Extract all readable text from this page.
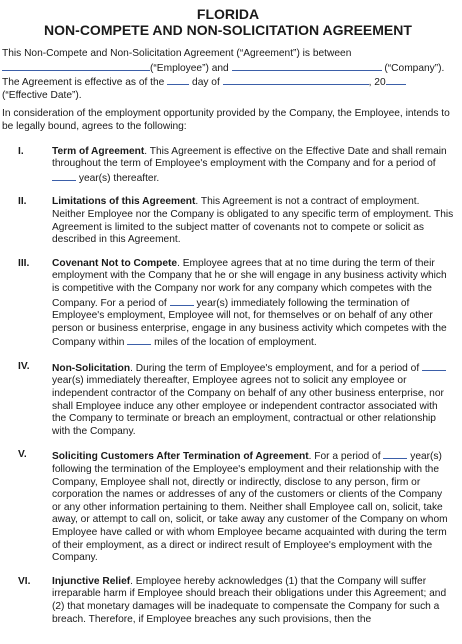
FLORIDA
NON-COMPETE AND NON-SOLICITATION AGREEMENT

This Non-Compete and Non-Solicitation Agreement (“Agreement”) is between
(“Employee”) and	(“Company”).
The Agreement is effective as of the	day of	, 20
(“Effective Date”).

In consideration of the employment opportunity provided by the Company, the Employee, intends to be legally bound, agrees to the following:

I.	Term of Agreement. This Agreement is effective on the Effective Date and shall remain throughout the term of Employee's employment with the Company and for a period of  year(s) thereafter.
II.	Limitations of this Agreement. This Agreement is not a contract of employment. Neither Employee nor the Company is obligated to any specific term of employment. This Agreement is limited to the subject matter of covenants not to compete or solicit as described in this Agreement.
III.	Covenant Not to Compete. Employee agrees that at no time during the term of their employment with the Company that he or she will engage in any business activity which is competitive with the Company nor work for any company which competes with the Company. For a period of	year(s) immediately following the termination of Employee's employment, Employee will not, for themselves or on behalf of any other person or business enterprise, engage in any business activity which competes with the Company within	miles of the location of employment.
IV.	Non-Solicitation. During the term of Employee's employment, and for a period of  year(s) immediately thereafter, Employee agrees not to solicit any employee or independent contractor of the Company on behalf of any other business enterprise, nor shall Employee induce any other employee or independent contractor associated with the Company to terminate or breach an employment, contractual or other relationship with the Company.
V.	Soliciting Customers After Termination of Agreement. For a period of	year(s) following the termination of the Employee's employment and their relationship with the Company, Employee shall not, directly or indirectly, disclose to any person, firm or corporation the names or addresses of any of the customers or clients of the Company or any other information pertaining to them. Neither shall Employee call on, solicit, take away, or attempt to call on, solicit, or take away any customer of the Company on whom Employee have called or with whom Employee became acquainted with during the term of their employment, as a direct or indirect result of Employee's employment with the Company.
VI.	Injunctive Relief. Employee hereby acknowledges (1) that the Company will suffer irreparable harm if Employee should breach their obligations under this Agreement; and (2) that monetary damages will be inadequate to compensate the Company for such a breach. Therefore, if Employee breaches any such provisions, then the
